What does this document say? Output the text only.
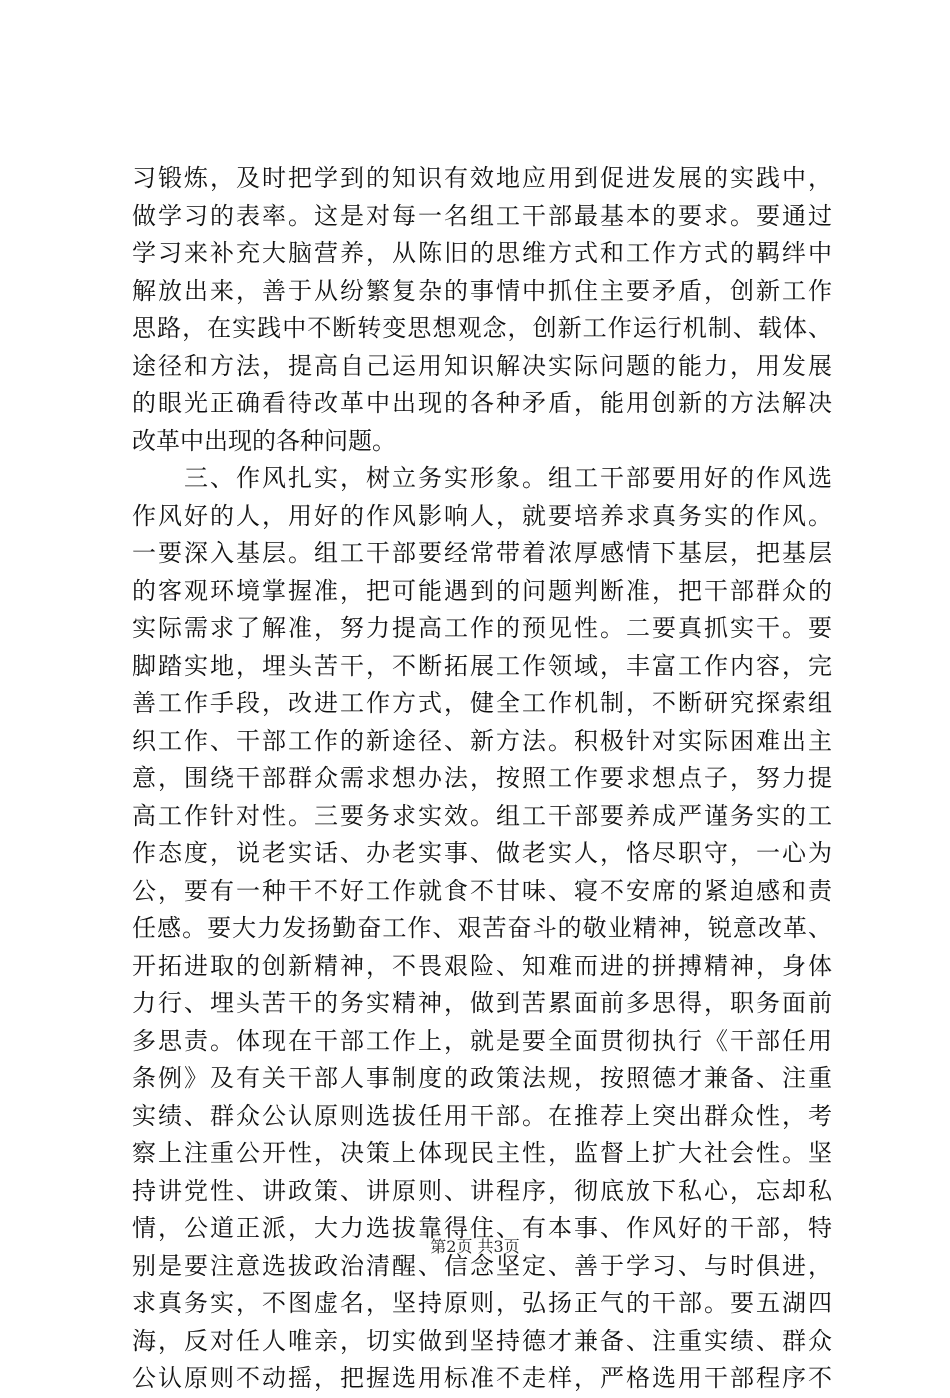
习锻炼，及时把学到的知识有效地应用到促进发展的实践中，
做学习的表率。这是对每一名组工干部最基本的要求。要通过
学习来补充大脑营养，从陈旧的思维方式和工作方式的羁绊中
解放出来，善于从纷繁复杂的事情中抓住主要矛盾，创新工作
思路，在实践中不断转变思想观念，创新工作运行机制、载体、
途径和方法，提高自己运用知识解决实际问题的能力，用发展
的眼光正确看待改革中出现的各种矛盾，能用创新的方法解决
改革中出现的各种问题。
　　三、作风扎实，树立务实形象。组工干部要用好的作风选
作风好的人，用好的作风影响人，就要培养求真务实的作风。
一要深入基层。组工干部要经常带着浓厚感情下基层，把基层
的客观环境掌握准，把可能遇到的问题判断准，把干部群众的
实际需求了解准，努力提高工作的预见性。二要真抓实干。要
脚踏实地，埋头苦干，不断拓展工作领域，丰富工作内容，完
善工作手段，改进工作方式，健全工作机制，不断研究探索组
织工作、干部工作的新途径、新方法。积极针对实际困难出主
意，围绕干部群众需求想办法，按照工作要求想点子，努力提
高工作针对性。三要务求实效。组工干部要养成严谨务实的工
作态度，说老实话、办老实事、做老实人，恪尽职守，一心为
公，要有一种干不好工作就食不甘味、寝不安席的紧迫感和责
任感。要大力发扬勤奋工作、艰苦奋斗的敬业精神，锐意改革、
开拓进取的创新精神，不畏艰险、知难而进的拼搏精神，身体
力行、埋头苦干的务实精神，做到苦累面前多思得，职务面前
多思责。体现在干部工作上，就是要全面贯彻执行《干部任用
条例》及有关干部人事制度的政策法规，按照德才兼备、注重
实绩、群众公认原则选拔任用干部。在推荐上突出群众性，考
察上注重公开性，决策上体现民主性，监督上扩大社会性。坚
持讲党性、讲政策、讲原则、讲程序，彻底放下私心，忘却私
情，公道正派，大力选拔靠得住、有本事、作风好的干部，特
别是要注意选拔政治清醒、信念坚定、善于学习、与时俱进，
求真务实，不图虚名，坚持原则，弘扬正气的干部。要五湖四
海，反对任人唯亲，切实做到坚持德才兼备、注重实绩、群众
公认原则不动摇，把握选用标准不走样，严格选用干部程序不
第2页 共3页
